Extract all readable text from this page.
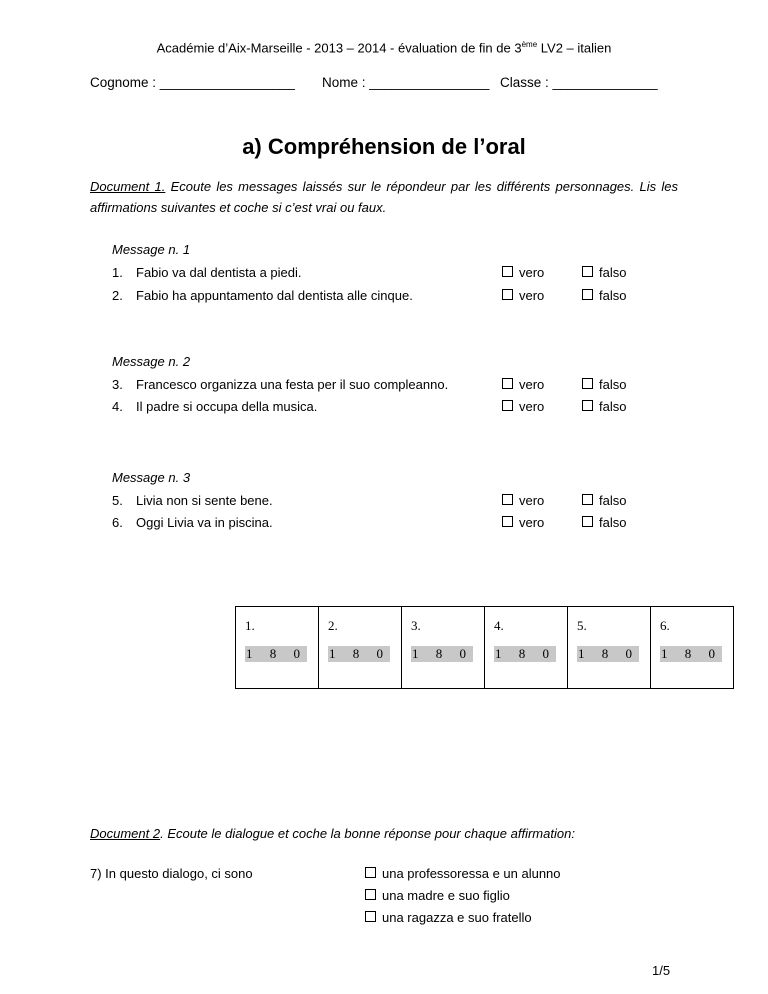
Académie d’Aix-Marseille - 2013 – 2014 - évaluation de fin de 3ème LV2 – italien
Cognome : __________________ Nome : ________________ Classe : ______________
a) Compréhension de l’oral
Document 1. Ecoute les messages laissés sur le répondeur par les différents personnages. Lis les affirmations suivantes et coche si c’est vrai ou faux.
Message n. 1
1. Fabio va dal dentista a piedi.	vero	falso
2. Fabio ha appuntamento dal dentista alle cinque.	vero	falso
Message n. 2
3. Francesco organizza una festa per il suo compleanno.	vero	falso
4. Il padre si occupa della musica.	vero	falso
Message n. 3
5. Livia non si sente bene.	vero	falso
6. Oggi Livia va in piscina.	vero	falso
1.	2.	3.	4.	5.	6.
1 8 0	1 8 0	1 8 0	1 8 0	1 8 0	1 8 0
Document 2. Ecoute le dialogue et coche la bonne réponse pour chaque affirmation:
7) In questo dialogo, ci sono	una professoressa e un alunno
una madre e suo figlio
una ragazza e suo fratello
1/5
